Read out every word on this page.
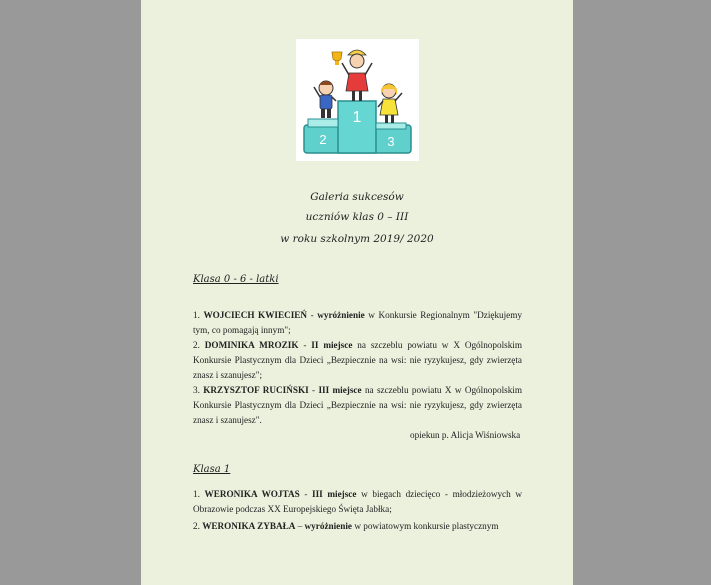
1
2	3
Galeria sukcesów
uczniów klas 0 – III
w roku szkolnym 2019/ 2020
Klasa 0 - 6 - latki

1. WOJCIECH KWIECIEŃ - wyróżnienie w Konkursie Regionalnym "Dziękujemy tym, co pomagają innym";

2. DOMINIKA MROZIK - II miejsce na szczeblu powiatu w X Ogólnopolskim Konkursie Plastycznym dla Dzieci „Bezpiecznie na wsi: nie ryzykujesz, gdy zwierzęta znasz i szanujesz";

3. KRZYSZTOF RUCIŃSKI - III miejsce na szczeblu powiatu X w Ogólnopolskim Konkursie Plastycznym dla Dzieci „Bezpiecznie na wsi: nie ryzykujesz, gdy zwierzęta znasz i szanujesz".

opiekun p. Alicja Wiśniowska
Klasa 1

1. WERONIKA WOJTAS - III miejsce w biegach dziecięco - młodzieżowych w Obrazowie podczas XX Europejskiego Święta Jabłka;

2. WERONIKA ZYBAŁA – wyróżnienie w powiatowym konkursie plastycznym
